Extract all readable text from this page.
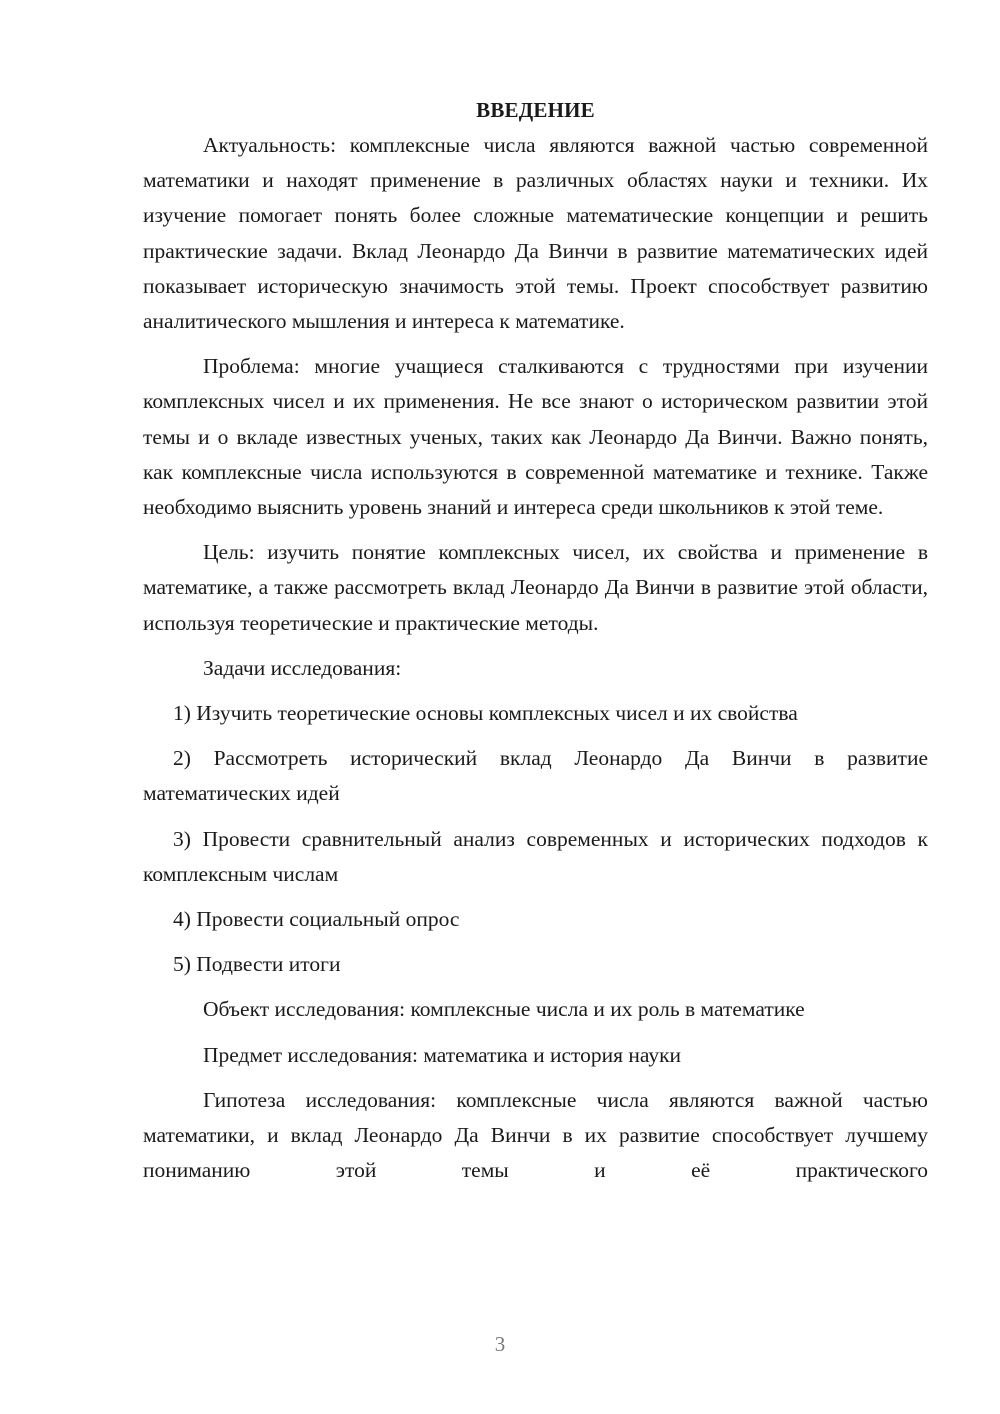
ВВЕДЕНИЕ

Актуальность: комплексные числа являются важной частью современной математики и находят применение в различных областях науки и техники. Их изучение помогает понять более сложные математические концепции и решить практические задачи. Вклад Леонардо Да Винчи в развитие математических идей показывает историческую значимость этой темы. Проект способствует развитию аналитического мышления и интереса к математике.

Проблема: многие учащиеся сталкиваются с трудностями при изучении комплексных чисел и их применения. Не все знают о историческом развитии этой темы и о вкладе известных ученых, таких как Леонардо Да Винчи. Важно понять, как комплексные числа используются в современной математике и технике. Также необходимо выяснить уровень знаний и интереса среди школьников к этой теме.

Цель: изучить понятие комплексных чисел, их свойства и применение в математике, а также рассмотреть вклад Леонардо Да Винчи в развитие этой области, используя теоретические и практические методы.

Задачи исследования:

1) Изучить теоретические основы комплексных чисел и их свойства

2) Рассмотреть исторический вклад Леонардо Да Винчи в развитие математических идей

3) Провести сравнительный анализ современных и исторических подходов к комплексным числам

4) Провести социальный опрос

5) Подвести итоги

Объект исследования: комплексные числа и их роль в математике

Предмет исследования: математика и история науки

Гипотеза исследования: комплексные числа являются важной частью математики, и вклад Леонардо Да Винчи в их развитие способствует лучшему пониманию этой темы и её практического

3
